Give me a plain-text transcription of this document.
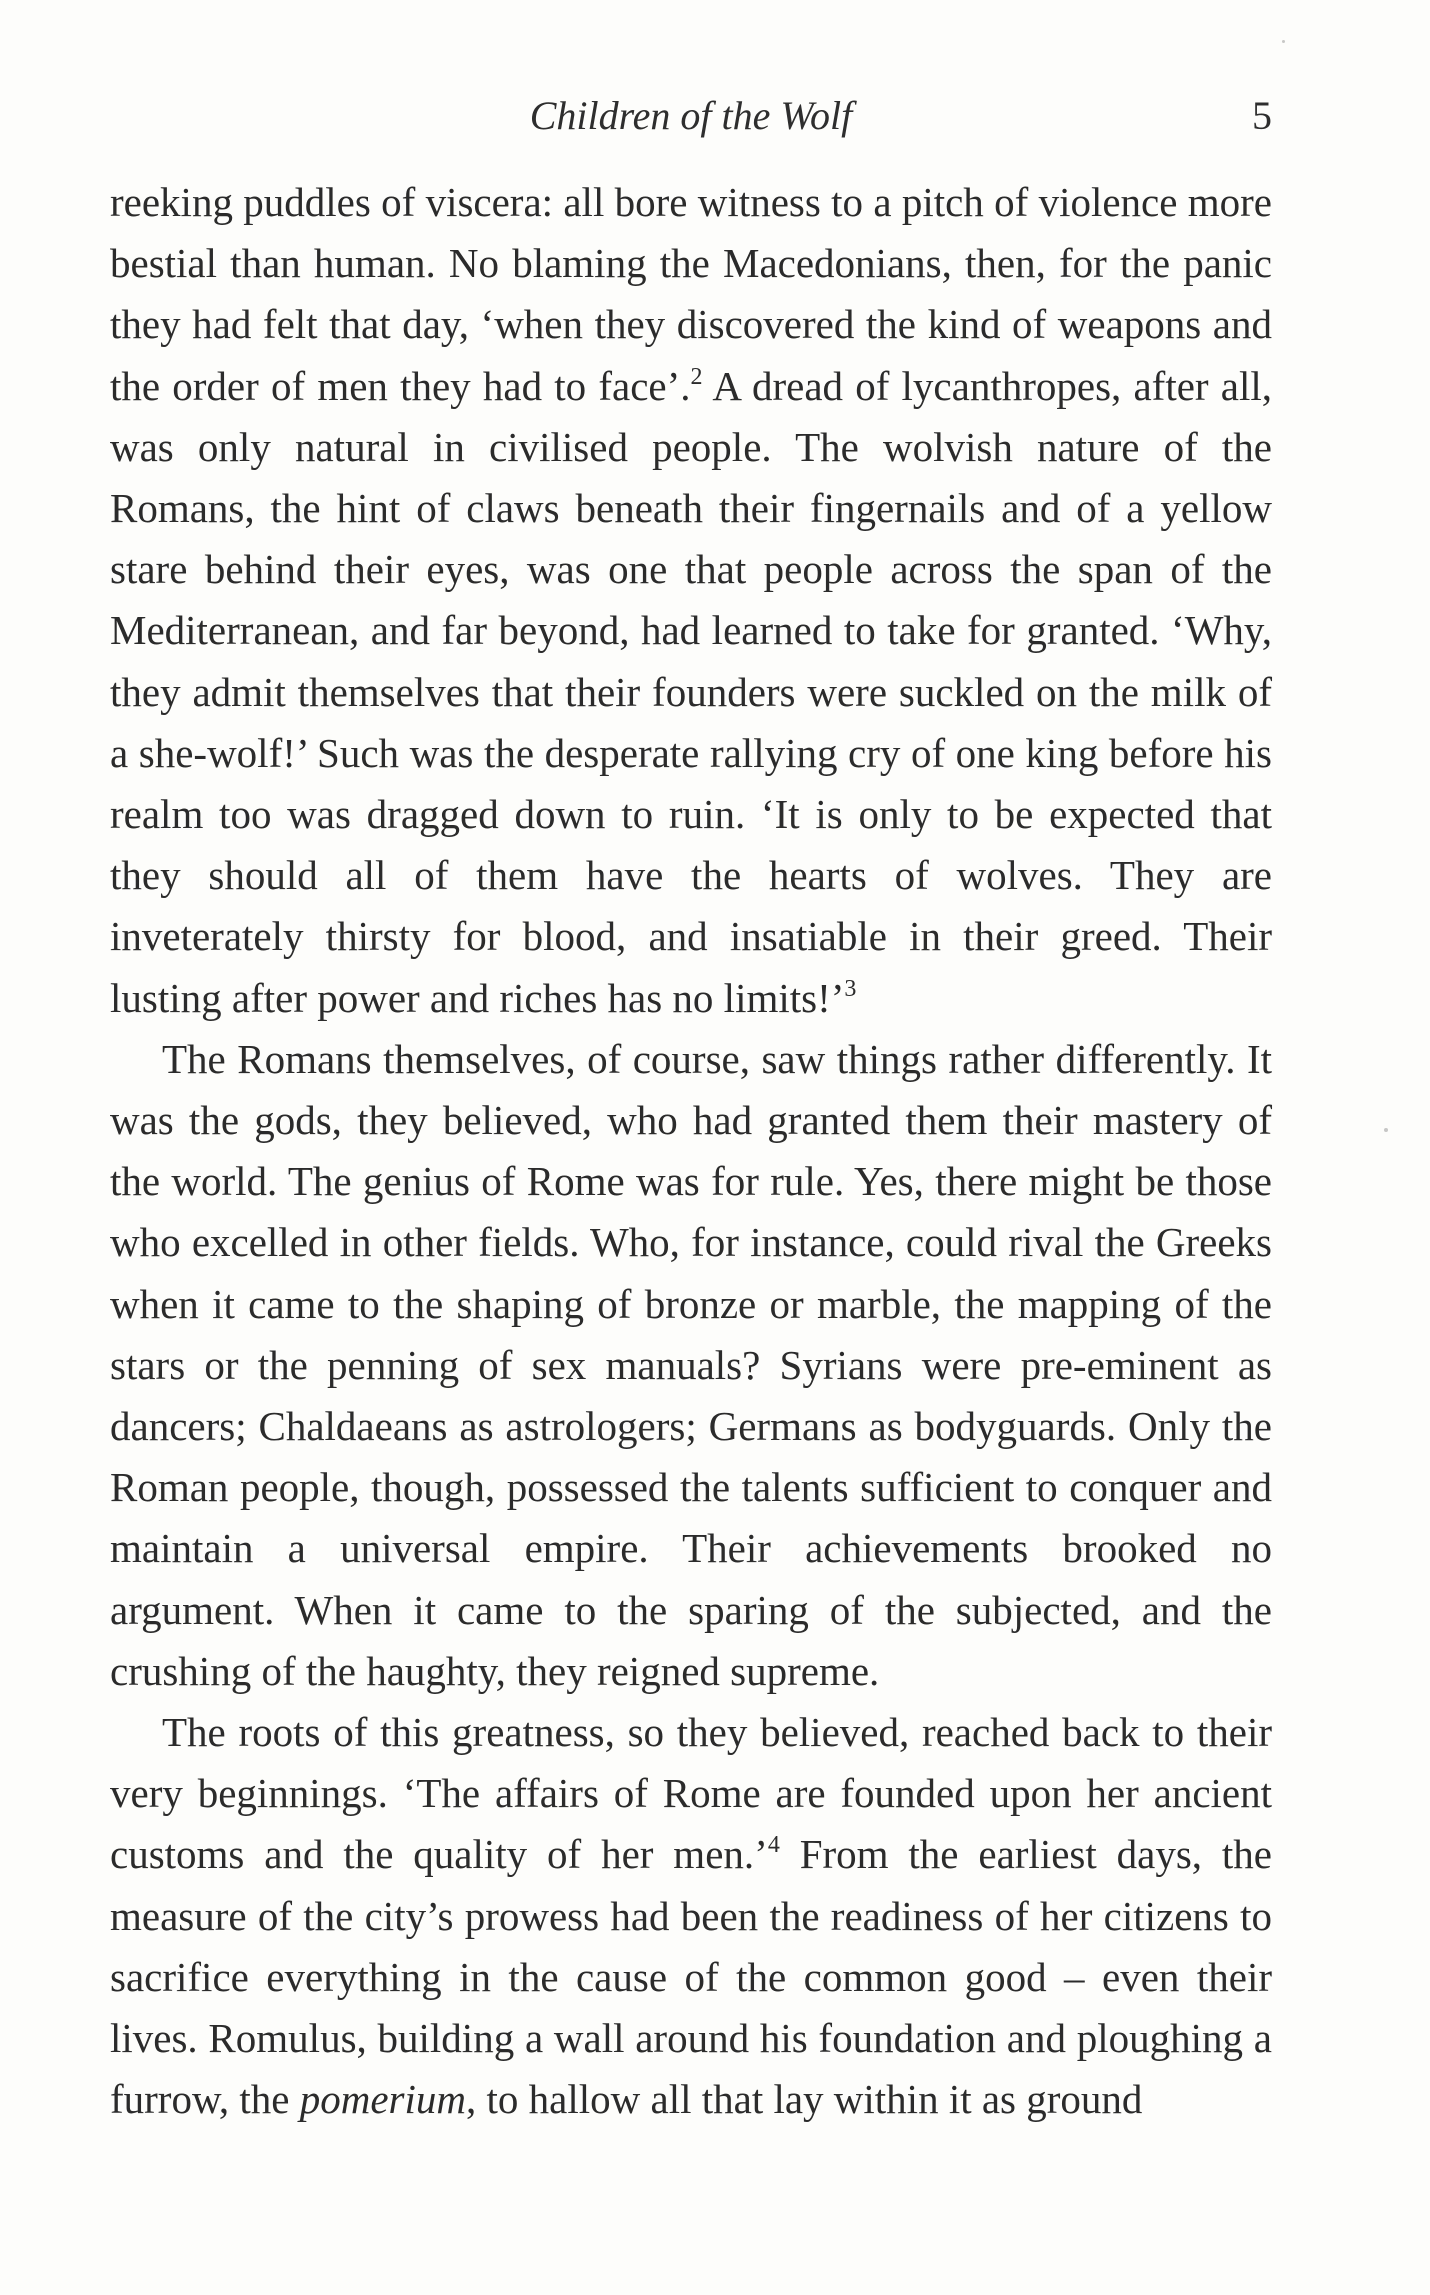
Children of the Wolf	5

reeking puddles of viscera: all bore witness to a pitch of violence more bestial than human. No blaming the Macedonians, then, for the panic they had felt that day, ‘when they discovered the kind of weapons and the order of men they had to face’.$^2$ A dread of lycanthropes, after all, was only natural in civilised people. The wolvish nature of the Romans, the hint of claws beneath their fingernails and of a yellow stare behind their eyes, was one that people across the span of the Mediterranean, and far beyond, had learned to take for granted. ‘Why, they admit themselves that their founders were suckled on the milk of a she-wolf!’ Such was the desperate rallying cry of one king before his realm too was dragged down to ruin. ‘It is only to be expected that they should all of them have the hearts of wolves. They are inveterately thirsty for blood, and insatiable in their greed. Their lusting after power and riches has no limits!’$^3$

The Romans themselves, of course, saw things rather differently. It was the gods, they believed, who had granted them their mastery of the world. The genius of Rome was for rule. Yes, there might be those who excelled in other fields. Who, for instance, could rival the Greeks when it came to the shaping of bronze or marble, the mapping of the stars or the penning of sex manuals? Syrians were pre-eminent as dancers; Chaldaeans as astrologers; Germans as bodyguards. Only the Roman people, though, possessed the talents sufficient to conquer and maintain a universal empire. Their achievements brooked no argument. When it came to the sparing of the subjected, and the crushing of the haughty, they reigned supreme.

The roots of this greatness, so they believed, reached back to their very beginnings. ‘The affairs of Rome are founded upon her ancient customs and the quality of her men.’$^4$ From the earliest days, the measure of the city’s prowess had been the readiness of her citizens to sacrifice everything in the cause of the common good – even their lives. Romulus, building a wall around his foundation and ploughing a furrow, the pomerium, to hallow all that lay within it as ground
